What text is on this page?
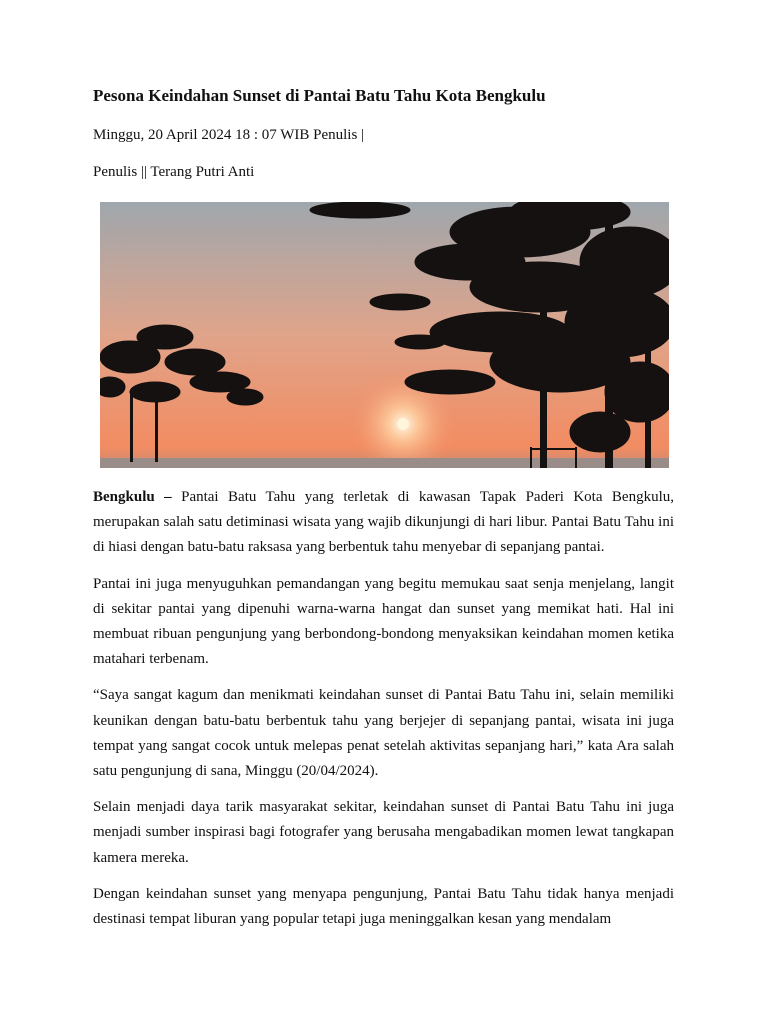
Pesona Keindahan Sunset di Pantai Batu Tahu Kota Bengkulu

Minggu, 20 April 2024 18 : 07 WIB Penulis |

Penulis || Terang Putri Anti

Bengkulu – Pantai Batu Tahu yang terletak di kawasan Tapak Paderi Kota Bengkulu, merupakan salah satu detiminasi wisata yang wajib dikunjungi di hari libur. Pantai Batu Tahu ini di hiasi dengan batu-batu raksasa yang berbentuk tahu menyebar di sepanjang pantai.

Pantai ini juga menyuguhkan pemandangan yang begitu memukau saat senja menjelang, langit di sekitar pantai yang dipenuhi warna-warna hangat dan sunset yang memikat hati. Hal ini membuat ribuan pengunjung yang berbondong-bondong menyaksikan keindahan momen ketika matahari terbenam.

“Saya sangat kagum dan menikmati keindahan sunset di Pantai Batu Tahu ini, selain memiliki keunikan dengan batu-batu berbentuk tahu yang berjejer di sepanjang pantai, wisata ini juga tempat yang sangat cocok untuk melepas penat setelah aktivitas sepanjang hari,” kata Ara salah satu pengunjung di sana, Minggu (20/04/2024).

Selain menjadi daya tarik masyarakat sekitar, keindahan sunset di Pantai Batu Tahu ini juga menjadi sumber inspirasi bagi fotografer yang berusaha mengabadikan momen lewat tangkapan kamera mereka.

Dengan keindahan sunset yang menyapa pengunjung, Pantai Batu Tahu tidak hanya menjadi destinasi tempat liburan yang popular tetapi juga meninggalkan kesan yang mendalam
